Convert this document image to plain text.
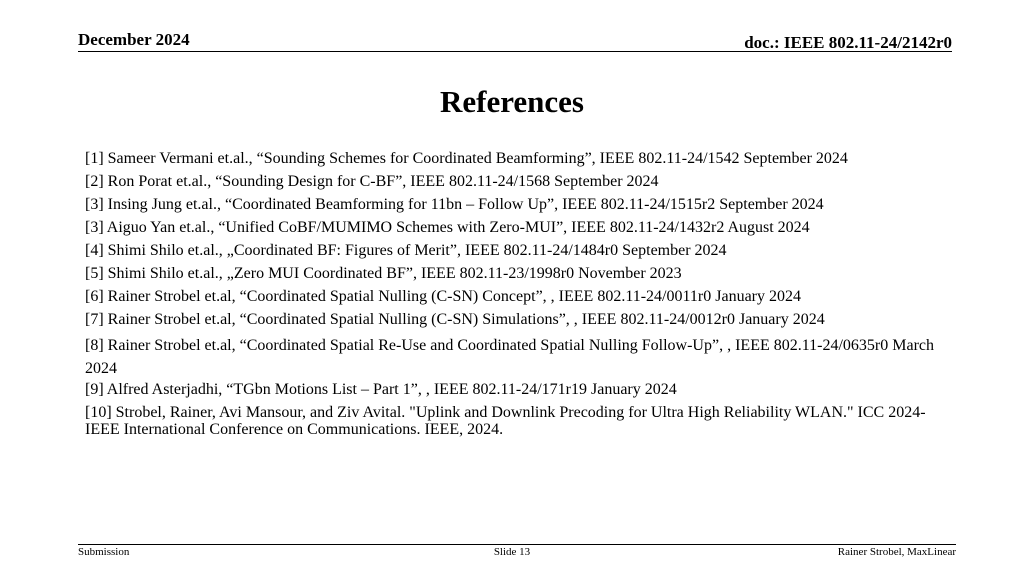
December 2024	doc.: IEEE 802.11-24/2142r0
References
[1] Sameer Vermani et.al., “Sounding Schemes for Coordinated Beamforming”, IEEE 802.11-24/1542 September 2024
[2] Ron Porat et.al., “Sounding Design for C-BF”, IEEE 802.11-24/1568 September 2024
[3] Insing Jung et.al., “Coordinated Beamforming for 11bn – Follow Up”, IEEE 802.11-24/1515r2 September 2024
[3] Aiguo Yan et.al., “Unified CoBF/MUMIMO Schemes with Zero-MUI”, IEEE 802.11-24/1432r2 August 2024
[4] Shimi Shilo et.al., „Coordinated BF: Figures of Merit”, IEEE 802.11-24/1484r0 September 2024
[5] Shimi Shilo et.al., „Zero MUI Coordinated BF”, IEEE 802.11-23/1998r0 November 2023
[6] Rainer Strobel et.al, “Coordinated Spatial Nulling (C-SN) Concept”, , IEEE 802.11-24/0011r0 January 2024
[7] Rainer Strobel et.al, “Coordinated Spatial Nulling (C-SN) Simulations”, , IEEE 802.11-24/0012r0 January 2024
[8] Rainer Strobel et.al, “Coordinated Spatial Re-Use and Coordinated Spatial Nulling Follow-Up”, , IEEE 802.11-24/0635r0 March 2024
[9] Alfred Asterjadhi, “TGbn Motions List – Part 1”, , IEEE 802.11-24/171r19 January 2024
[10] Strobel, Rainer, Avi Mansour, and Ziv Avital. "Uplink and Downlink Precoding for Ultra High Reliability WLAN." ICC 2024-IEEE International Conference on Communications. IEEE, 2024.
Submission	Slide 13	Rainer Strobel, MaxLinear
